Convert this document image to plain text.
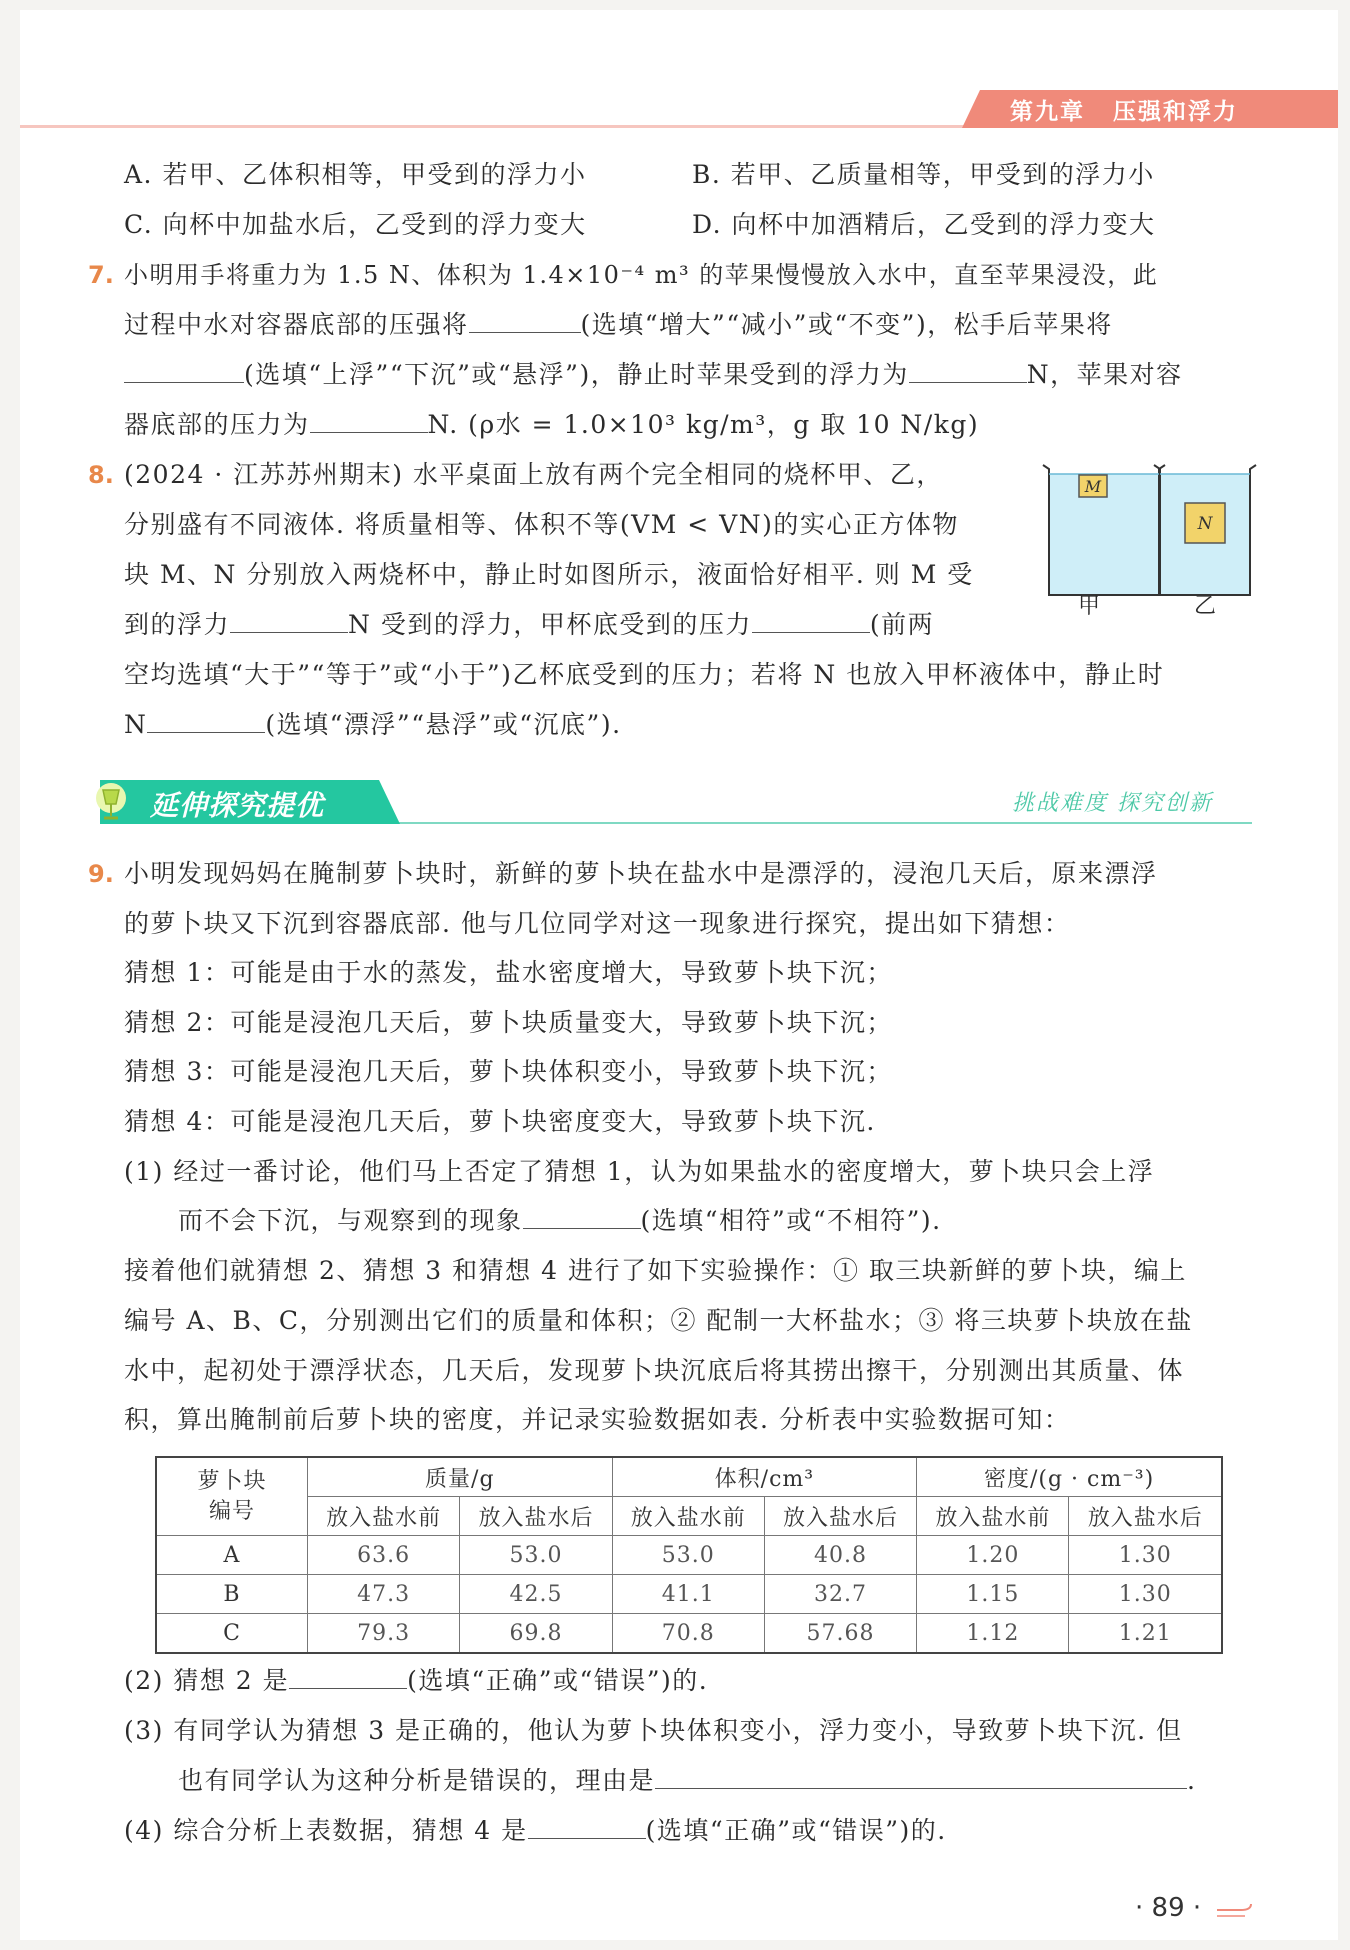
第九章 压强和浮力
A. 若甲、乙体积相等，甲受到的浮力小	B. 若甲、乙质量相等，甲受到的浮力小
C. 向杯中加盐水后，乙受到的浮力变大	D. 向杯中加酒精后，乙受到的浮力变大
7. 小明用手将重力为 1.5 N、体积为 1.4×10⁻⁴ m³ 的苹果慢慢放入水中，直至苹果浸没，此
过程中水对容器底部的压强将	(选填“增大”“减小”或“不变”)，松手后苹果将
(选填“上浮”“下沉”或“悬浮”)，静止时苹果受到的浮力为	N，苹果对容
器底部的压力为	N. (ρ水 = 1.0×10³ kg/m³，g 取 10 N/kg)
8. (2024 · 江苏苏州期末) 水平桌面上放有两个完全相同的烧杯甲、乙，
分别盛有不同液体. 将质量相等、体积不等(VM < VN)的实心正方体物
块 M、N 分别放入两烧杯中，静止时如图所示，液面恰好相平. 则 M 受
到的浮力	N 受到的浮力，甲杯底受到的压力	(前两
空均选填“大于”“等于”或“小于”)乙杯底受到的压力；若将 N 也放入甲杯液体中，静止时
N	(选填“漂浮”“悬浮”或“沉底”).
M
N
甲	乙
延伸探究提优	挑战难度 探究创新
9. 小明发现妈妈在腌制萝卜块时，新鲜的萝卜块在盐水中是漂浮的，浸泡几天后，原来漂浮
的萝卜块又下沉到容器底部. 他与几位同学对这一现象进行探究，提出如下猜想：
猜想 1：可能是由于水的蒸发，盐水密度增大，导致萝卜块下沉；
猜想 2：可能是浸泡几天后，萝卜块质量变大，导致萝卜块下沉；
猜想 3：可能是浸泡几天后，萝卜块体积变小，导致萝卜块下沉；
猜想 4：可能是浸泡几天后，萝卜块密度变大，导致萝卜块下沉.
(1) 经过一番讨论，他们马上否定了猜想 1，认为如果盐水的密度增大，萝卜块只会上浮
而不会下沉，与观察到的现象	(选填“相符”或“不相符”).
接着他们就猜想 2、猜想 3 和猜想 4 进行了如下实验操作：① 取三块新鲜的萝卜块，编上
编号 A、B、C，分别测出它们的质量和体积；② 配制一大杯盐水；③ 将三块萝卜块放在盐
水中，起初处于漂浮状态，几天后，发现萝卜块沉底后将其捞出擦干，分别测出其质量、体
积，算出腌制前后萝卜块的密度，并记录实验数据如表. 分析表中实验数据可知：
萝卜块
编号	质量/g		体积/cm³		密度/(g · cm⁻³)	
	放入盐水前	放入盐水后	放入盐水前	放入盐水后	放入盐水前	放入盐水后
A	63.6	53.0	53.0	40.8	1.20	1.30
B	47.3	42.5	41.1	32.7	1.15	1.30
C	79.3	69.8	70.8	57.68	1.12	1.21
(2) 猜想 2 是	(选填“正确”或“错误”)的.
(3) 有同学认为猜想 3 是正确的，他认为萝卜块体积变小，浮力变小，导致萝卜块下沉. 但
也有同学认为这种分析是错误的，理由是	.
(4) 综合分析上表数据，猜想 4 是	(选填“正确”或“错误”)的.
· 89 ·
